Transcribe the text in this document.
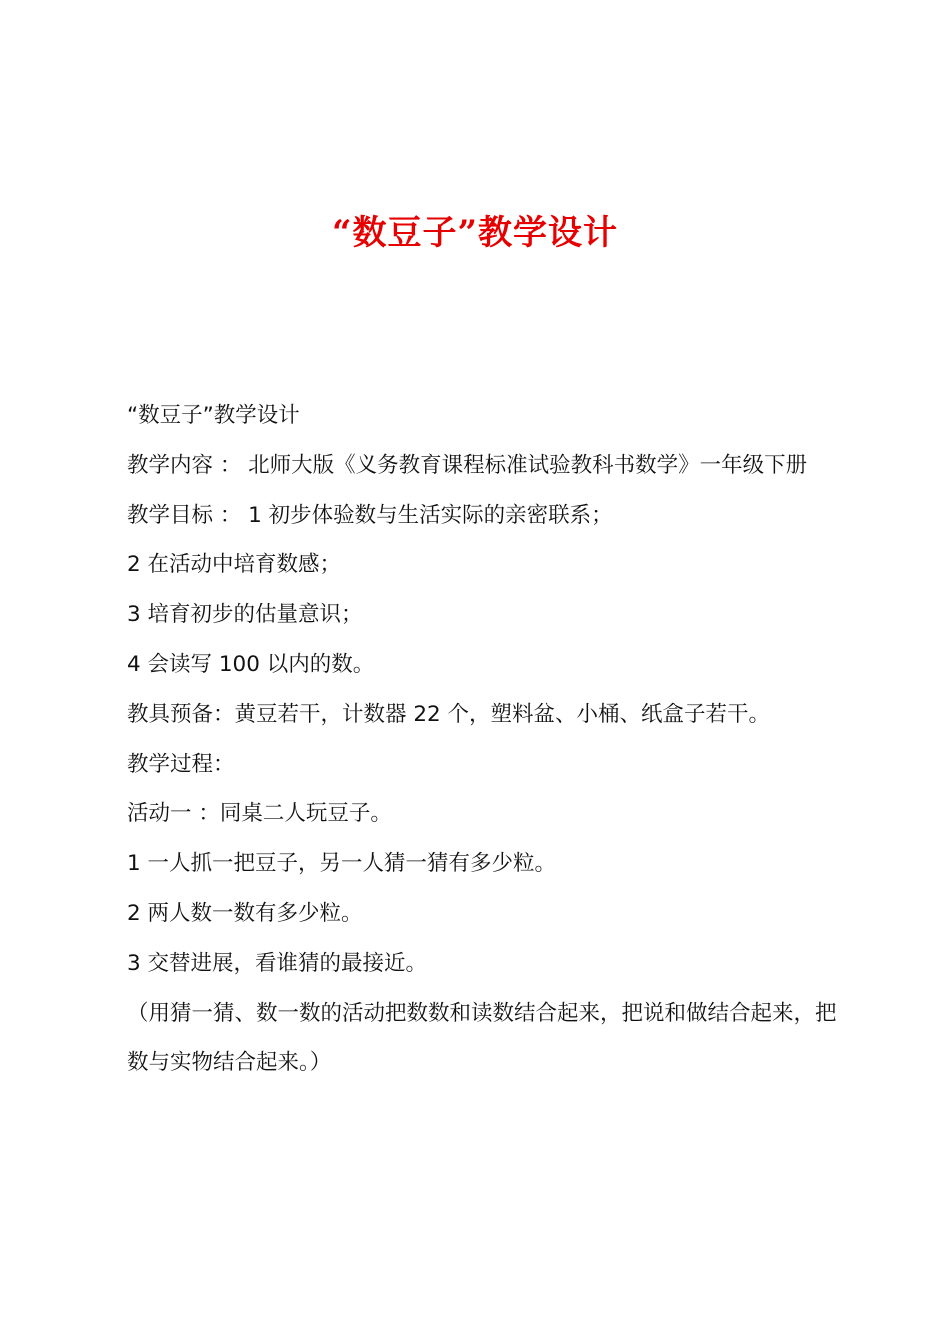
“数豆子”教学设计

“数豆子”教学设计

教学内容 ： 北师大版《义务教育课程标准试验教科书数学》一年级下册

教学目标 ： 1 初步体验数与生活实际的亲密联系；

2 在活动中培育数感；

3 培育初步的估量意识；

4 会读写 100 以内的数。

教具预备：黄豆若干，计数器 22 个，塑料盆、小桶、纸盒子若干。

教学过程：

活动一 ：同桌二人玩豆子。

1 一人抓一把豆子，另一人猜一猜有多少粒。

2 两人数一数有多少粒。

3 交替进展，看谁猜的最接近。

（用猜一猜、数一数的活动把数数和读数结合起来，把说和做结合起来，把数与实物结合起来。）
